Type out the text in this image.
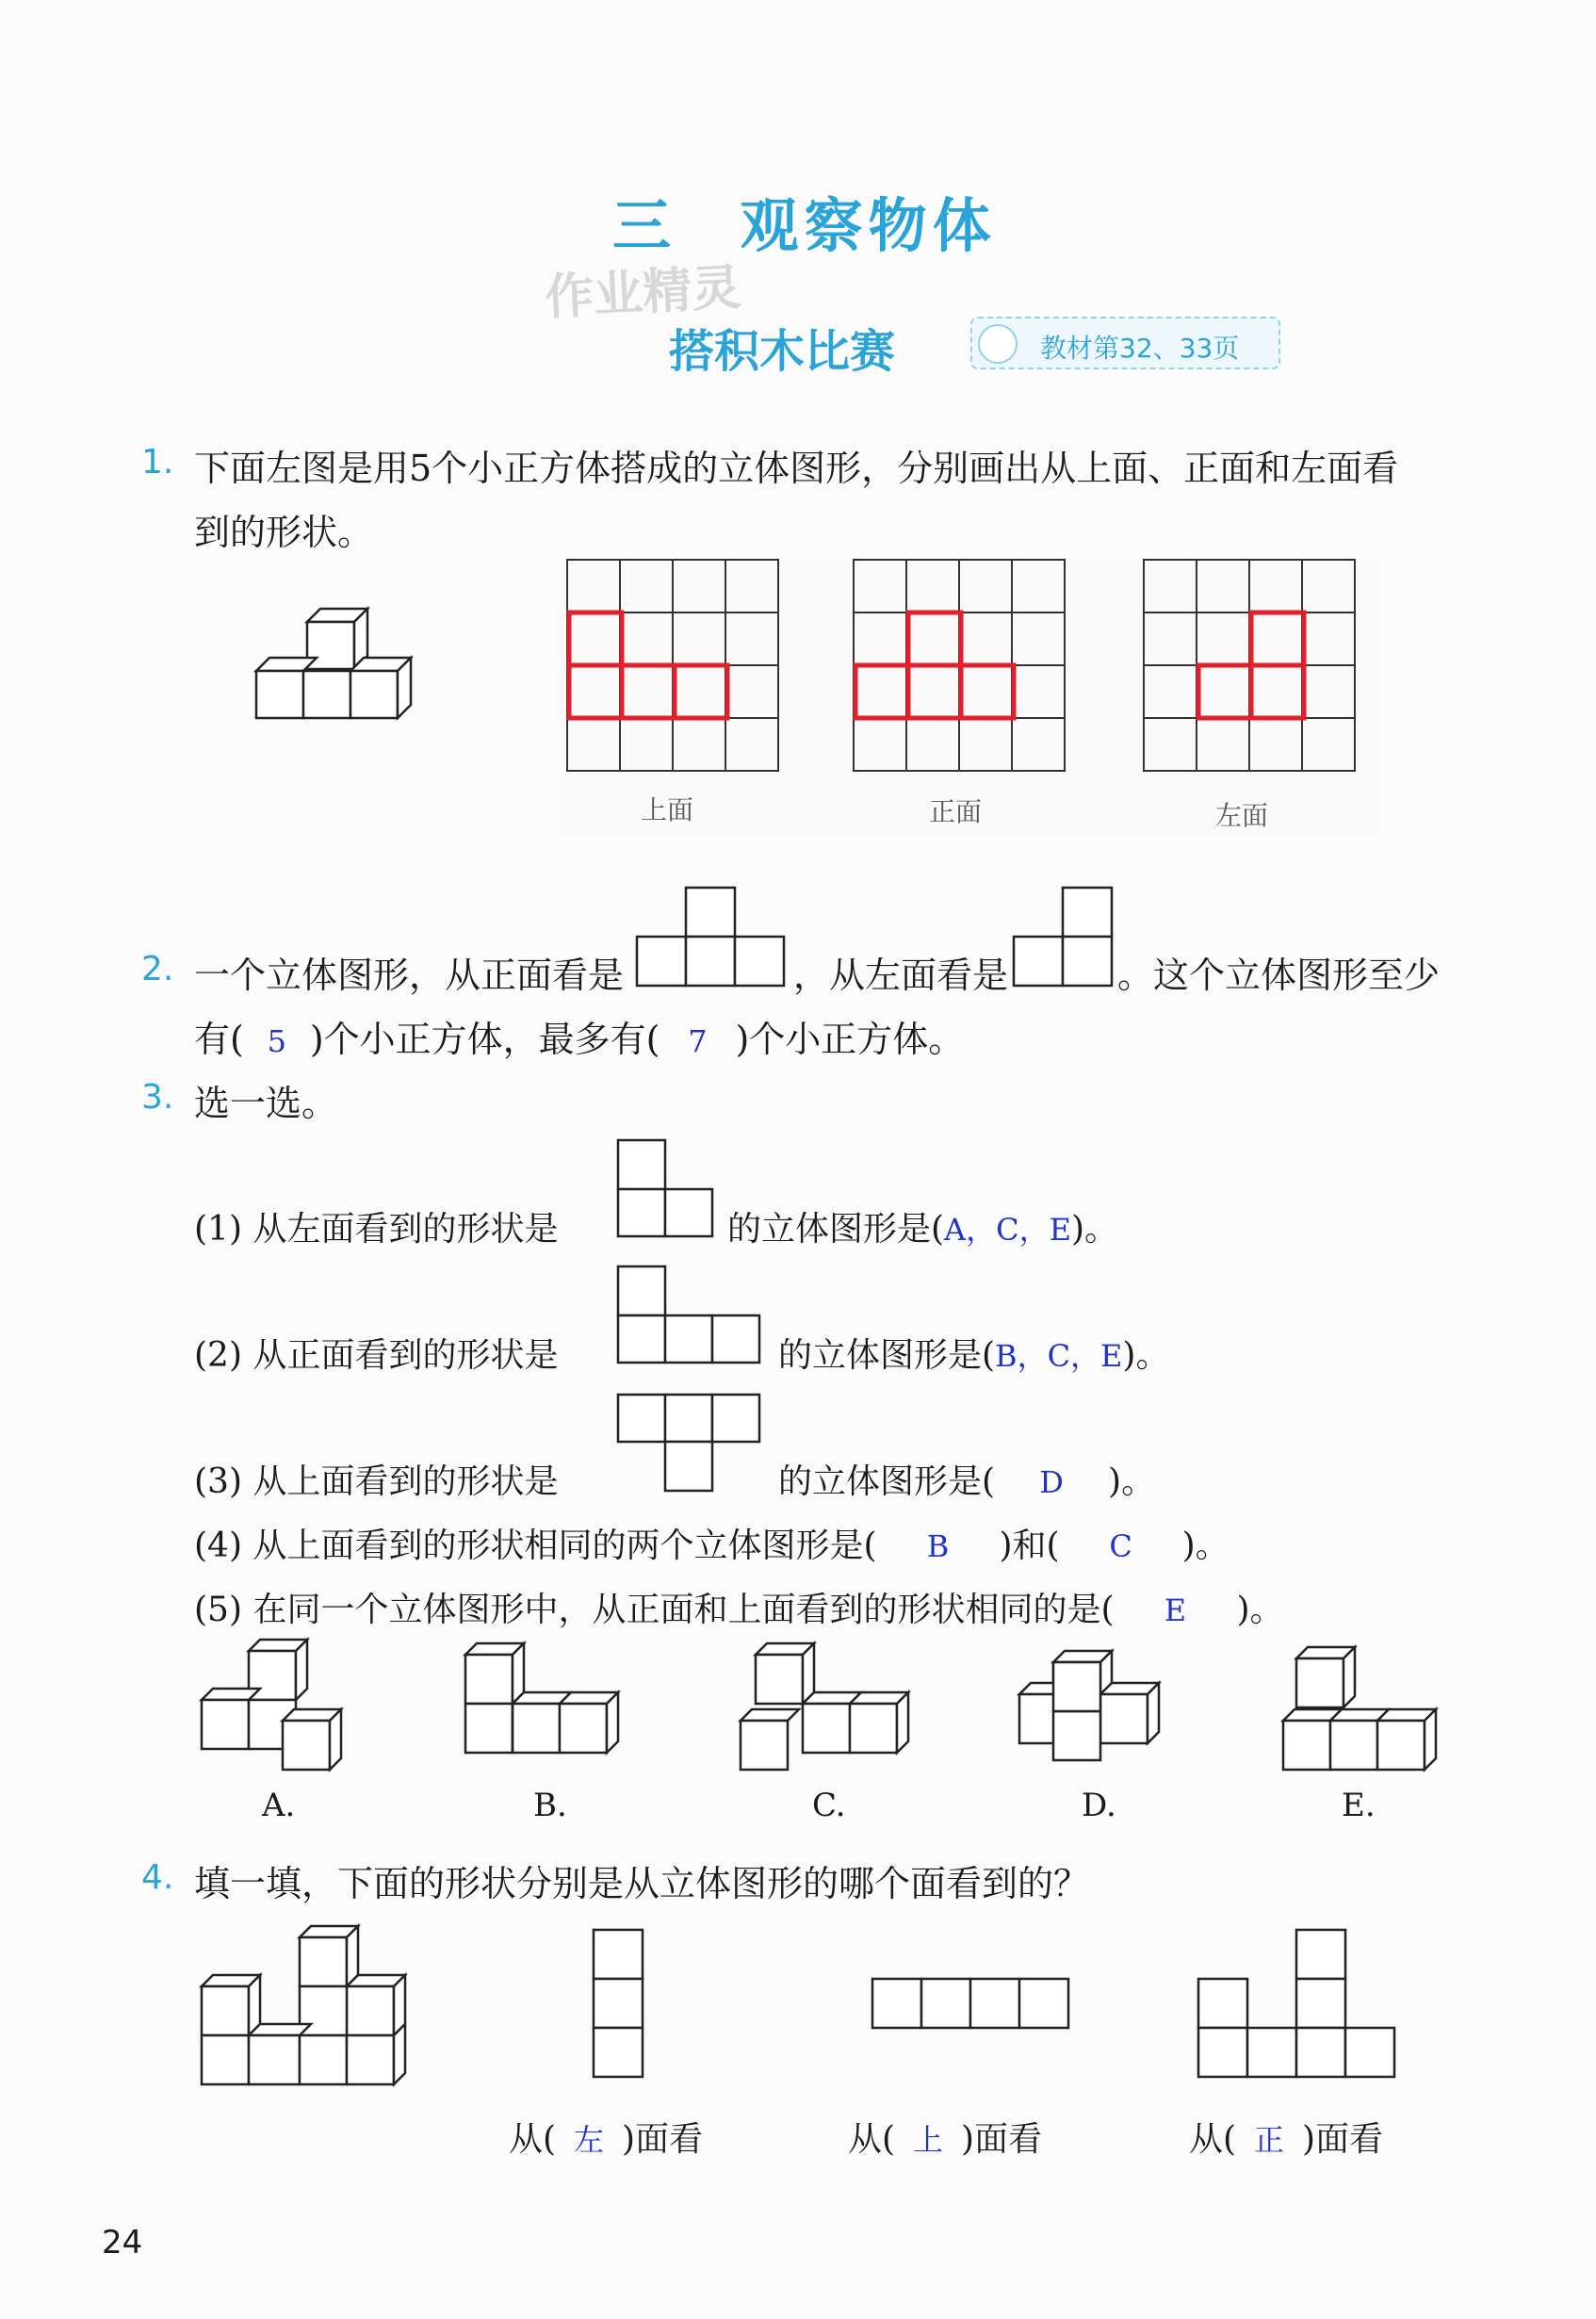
三 观察物体
作业精灵
搭积木比赛	教材第32、33页
1. 下面左图是用5个小正方体搭成的立体图形，分别画出从上面、正面和左面看
到的形状。
上面	正面	左面
2. 一个立体图形，从正面看是	，从左面看是	。这个立体图形至少
有( 5 )个小正方体，最多有( 7 )个小正方体。
3. 选一选。
(1) 从左面看到的形状是	的立体图形是(A，C，E)。
(2) 从正面看到的形状是	的立体图形是(B，C，E)。
(3) 从上面看到的形状是	的立体图形是( D )。
(4) 从上面看到的形状相同的两个立体图形是( B )和( C )。
(5) 在同一个立体图形中，从正面和上面看到的形状相同的是( E )。
A.	B.	C.	D.	E.
4. 填一填，下面的形状分别是从立体图形的哪个面看到的？
从( 左 )面看	从( 上 )面看	从( 正 )面看
24
